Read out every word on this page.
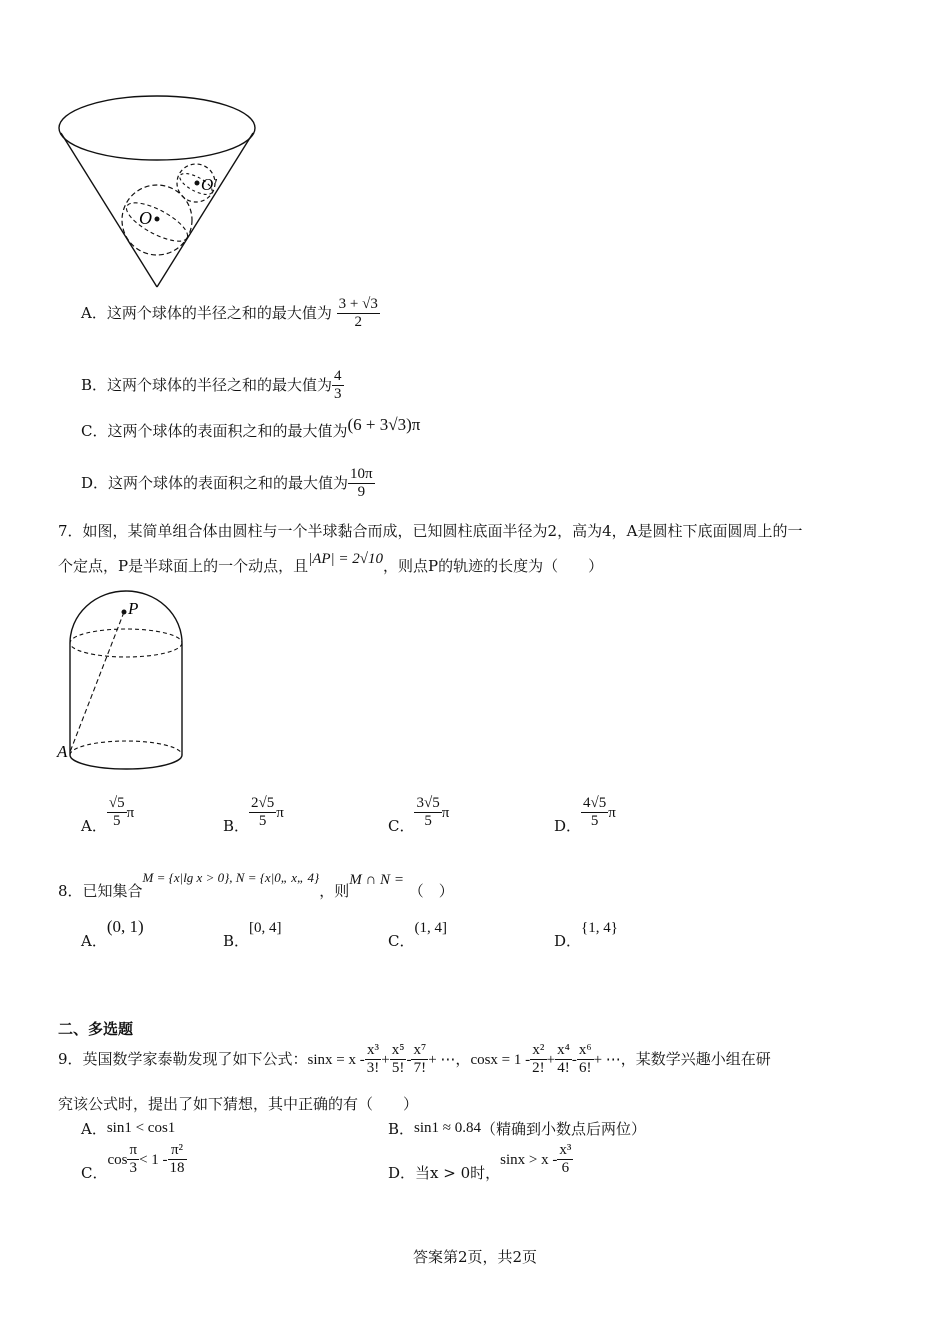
O
O'
A．这两个球体的半径之和的最大值为 $\frac{3 + √3}{2}$
B．这两个球体的半径之和的最大值为 $\frac{4}{3}$
C．这两个球体的表面积之和的最大值为(6 + 3√3)π
D．这两个球体的表面积之和的最大值为 $\frac{10\pi}{9}$
7．如图，某简单组合体由圆柱与一个半球黏合而成，已知圆柱底面半径为2，高为4，A是圆柱下底面圆周上的一
个定点，P是半球面上的一个动点，且|AP| = 2√10，则点P的轨迹的长度为（　　）
P
A
A． $\frac{√5}{5}$ π
B． $\frac{2√5}{5}$ π
C． $\frac{3√5}{5}$ π
D． $\frac{4√5}{5}$ π
8．已知集合M = {x|lg x > 0}, N = {x|0„ x„ 4}，则M ∩ N = （　）
A．(0, 1)
B．[0, 4]
C．(1, 4]
D．{1, 4}
二、多选题
9．英国数学家泰勒发现了如下公式：$\sin x = x - \frac{\text{x³}}{3!} + \frac{\text{x⁵}}{5!} - \frac{\text{x⁷}}{7!}$ + ⋯，$\cos x = 1 - \frac{\text{x²}}{2!} + \frac{\text{x⁴}}{4!} - \frac{\text{x⁶}}{6!}$ + ⋯，某数学兴趣小组在研
究该公式时，提出了如下猜想，其中正确的有（　　）
A．sin1 < cos1	B．sin1 ≈ 0.84（精确到小数点后两位）
C．$\cos \frac{\pi}{3} < 1 - \frac{\text{π²}}{18}$	D．当x > 0时，$\sin x > x - \frac{\text{x³}}{6}$
答案第2页，共2页
